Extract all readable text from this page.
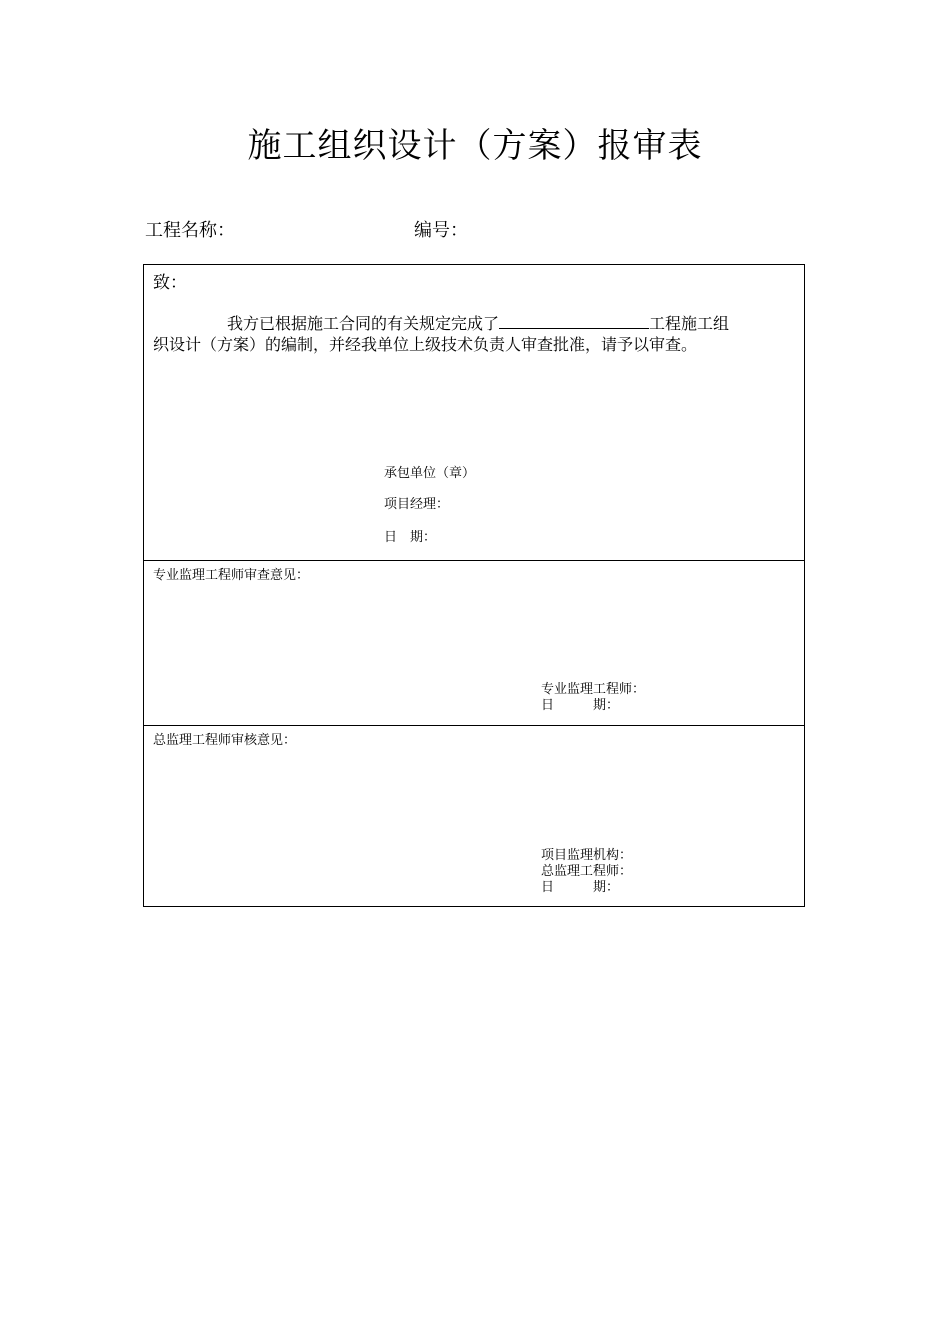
施工组织设计（方案）报审表
工程名称：	编号：
致：
我方已根据施工合同的有关规定完成了	工程施工组
织设计（方案）的编制，并经我单位上级技术负责人审查批准，请予以审查。
承包单位（章）
项目经理：
日　期：
专业监理工程师审查意见：
专业监理工程师：
日　　　期：
总监理工程师审核意见：
项目监理机构：
总监理工程师：
日　　　期：
